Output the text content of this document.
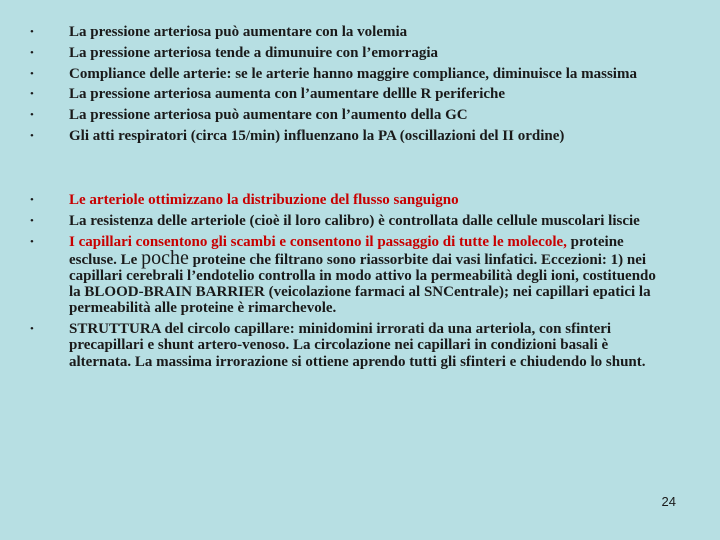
• La pressione arteriosa può aumentare con la volemia
• La pressione arteriosa tende a dimunuire con l’emorragia
• Compliance delle arterie: se le arterie hanno maggire compliance, diminuisce la massima
• La pressione arteriosa aumenta con l’aumentare dellle R periferiche
• La pressione arteriosa può aumentare con l’aumento della GC
• Gli atti respiratori (circa 15/min) influenzano la PA (oscillazioni del II ordine)
• Le arteriole ottimizzano la distribuzione del flusso sanguigno
• La resistenza delle arteriole (cioè il loro calibro) è controllata dalle cellule muscolari liscie
• I capillari consentono gli scambi e consentono il passaggio di tutte le molecole, proteine escluse. Le poche proteine che filtrano sono riassorbite dai vasi linfatici. Eccezioni: 1) nei capillari cerebrali l’endotelio controlla in modo attivo la permeabilità degli ioni, costituendo la BLOOD-BRAIN BARRIER (veicolazione farmaci al SNCentrale); nei capillari epatici la permeabilità alle proteine è rimarchevole.
• STRUTTURA del circolo capillare: minidomini irrorati da una arteriola, con sfinteri precapillari e shunt artero-venoso. La circolazione nei capillari in condizioni basali è alternata. La massima irrorazione si ottiene aprendo tutti gli sfinteri e chiudendo lo shunt.
24
